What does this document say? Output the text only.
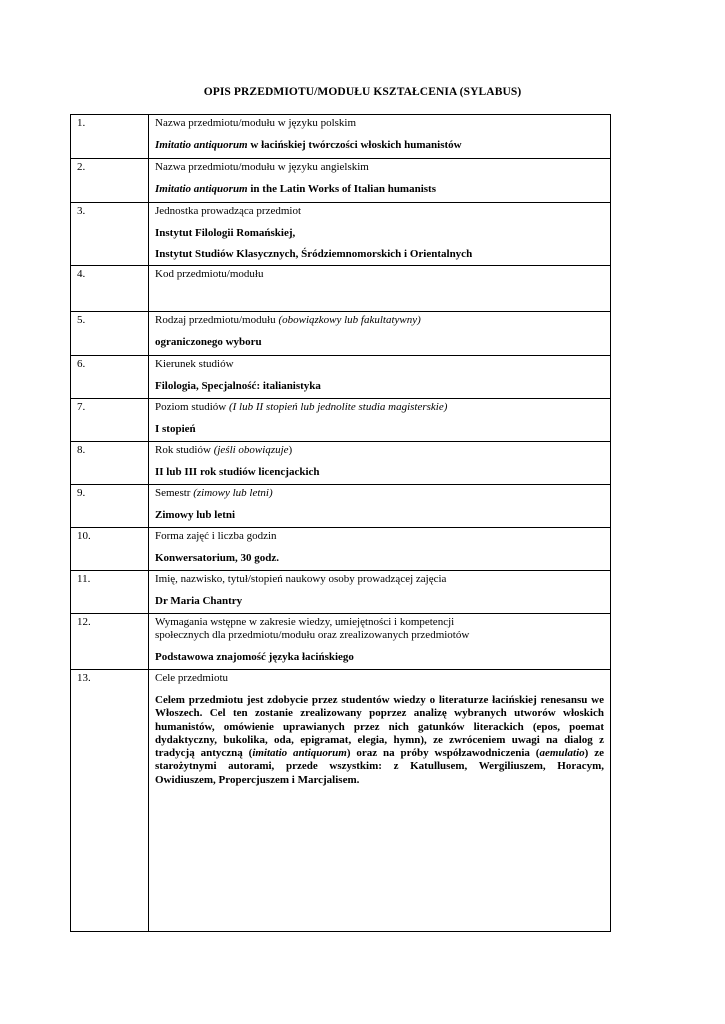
OPIS PRZEDMIOTU/MODUŁU KSZTAŁCENIA (SYLABUS)
1.	Nazwa przedmiotu/modułu w języku polskim
Imitatio antiquorum w łacińskiej twórczości włoskich humanistów

2.	Nazwa przedmiotu/modułu w języku angielskim
Imitatio antiquorum in the Latin Works of Italian humanists

3.	Jednostka prowadząca przedmiot
Instytut Filologii Romańskiej,
Instytut Studiów Klasycznych, Śródziemnomorskich i Orientalnych

4.	Kod przedmiotu/modułu

5.	Rodzaj przedmiotu/modułu (obowiązkowy lub fakultatywny)
ograniczonego wyboru

6.	Kierunek studiów
Filologia, Specjalność: italianistyka

7.	Poziom studiów (I lub II stopień lub jednolite studia magisterskie)
I stopień

8.	Rok studiów (jeśli obowiązuje)
II lub III rok studiów licencjackich

9.	Semestr (zimowy lub letni)
Zimowy lub letni

10.	Forma zajęć i liczba godzin
Konwersatorium, 30 godz.

11.	Imię, nazwisko, tytuł/stopień naukowy osoby prowadzącej zajęcia
Dr Maria Chantry

12.	Wymagania wstępne w zakresie wiedzy, umiejętności i kompetencji
społecznych dla przedmiotu/modułu oraz zrealizowanych przedmiotów
Podstawowa znajomość języka łacińskiego

13.	Cele przedmiotu
Celem przedmiotu jest zdobycie przez studentów wiedzy o literaturze łacińskiej renesansu we Włoszech. Cel ten zostanie zrealizowany poprzez analizę wybranych utworów włoskich humanistów, omówienie uprawianych przez nich gatunków literackich (epos, poemat dydaktyczny, bukolika, oda, epigramat, elegia, hymn), ze zwróceniem uwagi na dialog z tradycją antyczną (imitatio antiquorum) oraz na próby współzawodniczenia (aemulatio) ze starożytnymi autorami, przede wszystkim: z Katullusem, Wergiliuszem, Horacym, Owidiuszem, Propercjuszem i Marcjalisem.
